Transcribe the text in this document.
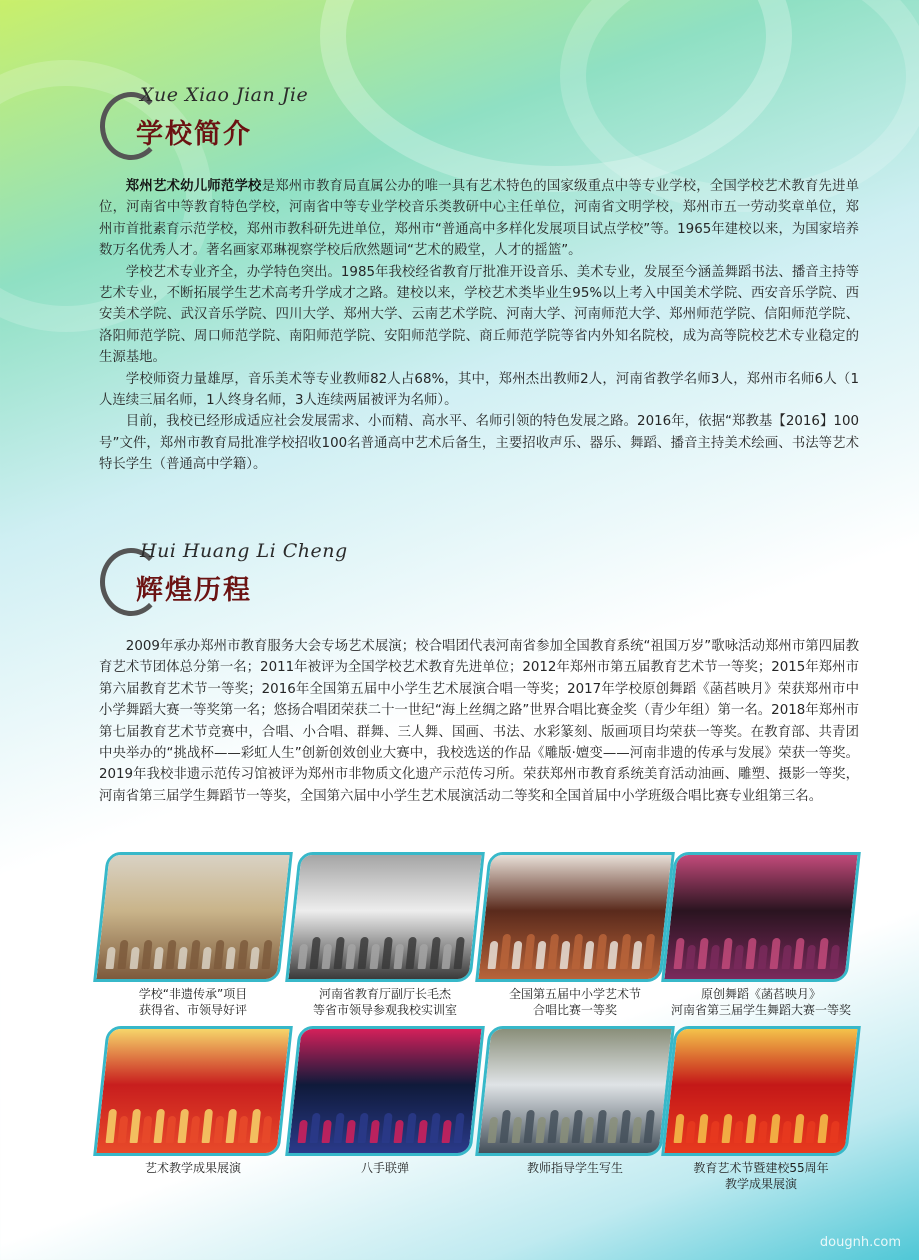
Xue Xiao Jian Jie
学校简介

郑州艺术幼儿师范学校是郑州市教育局直属公办的唯一具有艺术特色的国家级重点中等专业学校，全国学校艺术教育先进单位，河南省中等教育特色学校，河南省中等专业学校音乐类教研中心主任单位，河南省文明学校，郑州市五一劳动奖章单位，郑州市首批素育示范学校，郑州市教科研先进单位，郑州市“普通高中多样化发展项目试点学校”等。1965年建校以来，为国家培养数万名优秀人才。著名画家邓琳视察学校后欣然题词“艺术的殿堂，人才的摇篮”。

学校艺术专业齐全，办学特色突出。1985年我校经省教育厅批准开设音乐、美术专业，发展至今涵盖舞蹈书法、播音主持等艺术专业，不断拓展学生艺术高考升学成才之路。建校以来，学校艺术类毕业生95%以上考入中国美术学院、西安音乐学院、西安美术学院、武汉音乐学院、四川大学、郑州大学、云南艺术学院、河南大学、河南师范大学、郑州师范学院、信阳师范学院、洛阳师范学院、周口师范学院、南阳师范学院、安阳师范学院、商丘师范学院等省内外知名院校，成为高等院校艺术专业稳定的生源基地。

学校师资力量雄厚，音乐美术等专业教师82人占68%，其中，郑州杰出教师2人，河南省教学名师3人，郑州市名师6人（1人连续三届名师，1人终身名师，3人连续两届被评为名师）。

目前，我校已经形成适应社会发展需求、小而精、高水平、名师引领的特色发展之路。2016年，依据“郑教基【2016】100号”文件，郑州市教育局批准学校招收100名普通高中艺术后备生，主要招收声乐、器乐、舞蹈、播音主持美术绘画、书法等艺术特长学生（普通高中学籍）。

Hui Huang Li Cheng
辉煌历程

2009年承办郑州市教育服务大会专场艺术展演；校合唱团代表河南省参加全国教育系统“祖国万岁”歌咏活动郑州市第四届教育艺术节团体总分第一名；2011年被评为全国学校艺术教育先进单位；2012年郑州市第五届教育艺术节一等奖；2015年郑州市第六届教育艺术节一等奖；2016年全国第五届中小学生艺术展演合唱一等奖；2017年学校原创舞蹈《菡萏映月》荣获郑州市中小学舞蹈大赛一等奖第一名；悠扬合唱团荣获二十一世纪“海上丝绸之路”世界合唱比赛金奖（青少年组）第一名。2018年郑州市第七届教育艺术节竞赛中，合唱、小合唱、群舞、三人舞、国画、书法、水彩篆刻、版画项目均荣获一等奖。在教育部、共青团中央举办的“挑战杯——彩虹人生”创新创效创业大赛中，我校选送的作品《雕版·嬗变——河南非遗的传承与发展》荣获一等奖。2019年我校非遗示范传习馆被评为郑州市非物质文化遗产示范传习所。荣获郑州市教育系统美育活动油画、雕塑、摄影一等奖，河南省第三届学生舞蹈节一等奖，全国第六届中小学生艺术展演活动二等奖和全国首届中小学班级合唱比赛专业组第三名。

学校“非遗传承”项目
获得省、市领导好评
河南省教育厅副厅长毛杰
等省市领导参观我校实训室
全国第五届中小学艺术节
合唱比赛一等奖
原创舞蹈《菡萏映月》
河南省第三届学生舞蹈大赛一等奖
艺术教学成果展演	八手联弹	教师指导学生写生	教育艺术节暨建校55周年
教学成果展演
dougnh.com
